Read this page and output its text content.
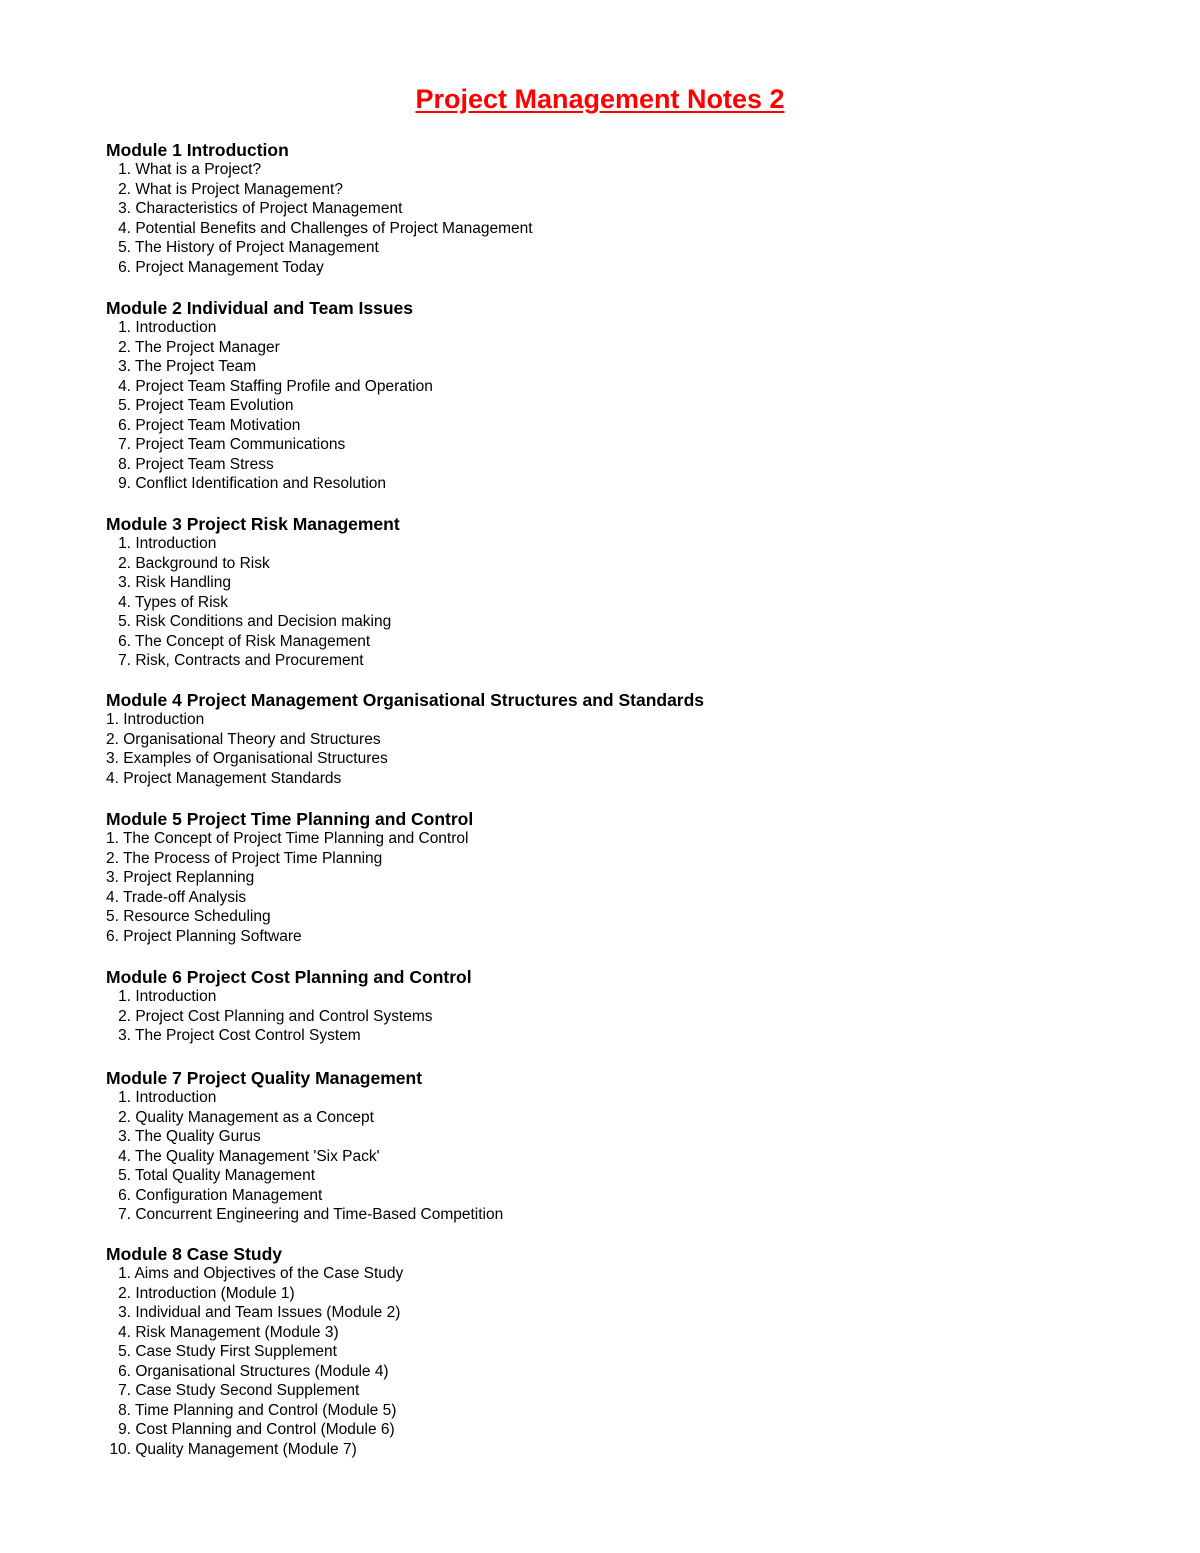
Project Management Notes 2
Module 1 Introduction
1. What is a Project?
2. What is Project Management?
3. Characteristics of Project Management
4. Potential Benefits and Challenges of Project Management
5. The History of Project Management
6. Project Management Today
Module 2 Individual and Team Issues
1. Introduction
2. The Project Manager
3. The Project Team
4. Project Team Staffing Profile and Operation
5. Project Team Evolution
6. Project Team Motivation
7. Project Team Communications
8. Project Team Stress
9. Conflict Identification and Resolution
Module 3 Project Risk Management
1. Introduction
2. Background to Risk
3. Risk Handling
4. Types of Risk
5. Risk Conditions and Decision making
6. The Concept of Risk Management
7. Risk, Contracts and Procurement
Module 4 Project Management Organisational Structures and Standards
1. Introduction
2. Organisational Theory and Structures
3. Examples of Organisational Structures
4. Project Management Standards
Module 5 Project Time Planning and Control
1. The Concept of Project Time Planning and Control
2. The Process of Project Time Planning
3. Project Replanning
4. Trade-off Analysis
5. Resource Scheduling
6. Project Planning Software
Module 6 Project Cost Planning and Control
1. Introduction
2. Project Cost Planning and Control Systems
3. The Project Cost Control System
Module 7 Project Quality Management
1. Introduction
2. Quality Management as a Concept
3. The Quality Gurus
4. The Quality Management 'Six Pack'
5. Total Quality Management
6. Configuration Management
7. Concurrent Engineering and Time-Based Competition
Module 8 Case Study
1. Aims and Objectives of the Case Study
2. Introduction (Module 1)
3. Individual and Team Issues (Module 2)
4. Risk Management (Module 3)
5. Case Study First Supplement
6. Organisational Structures (Module 4)
7. Case Study Second Supplement
8. Time Planning and Control (Module 5)
9. Cost Planning and Control (Module 6)
10. Quality Management (Module 7)
